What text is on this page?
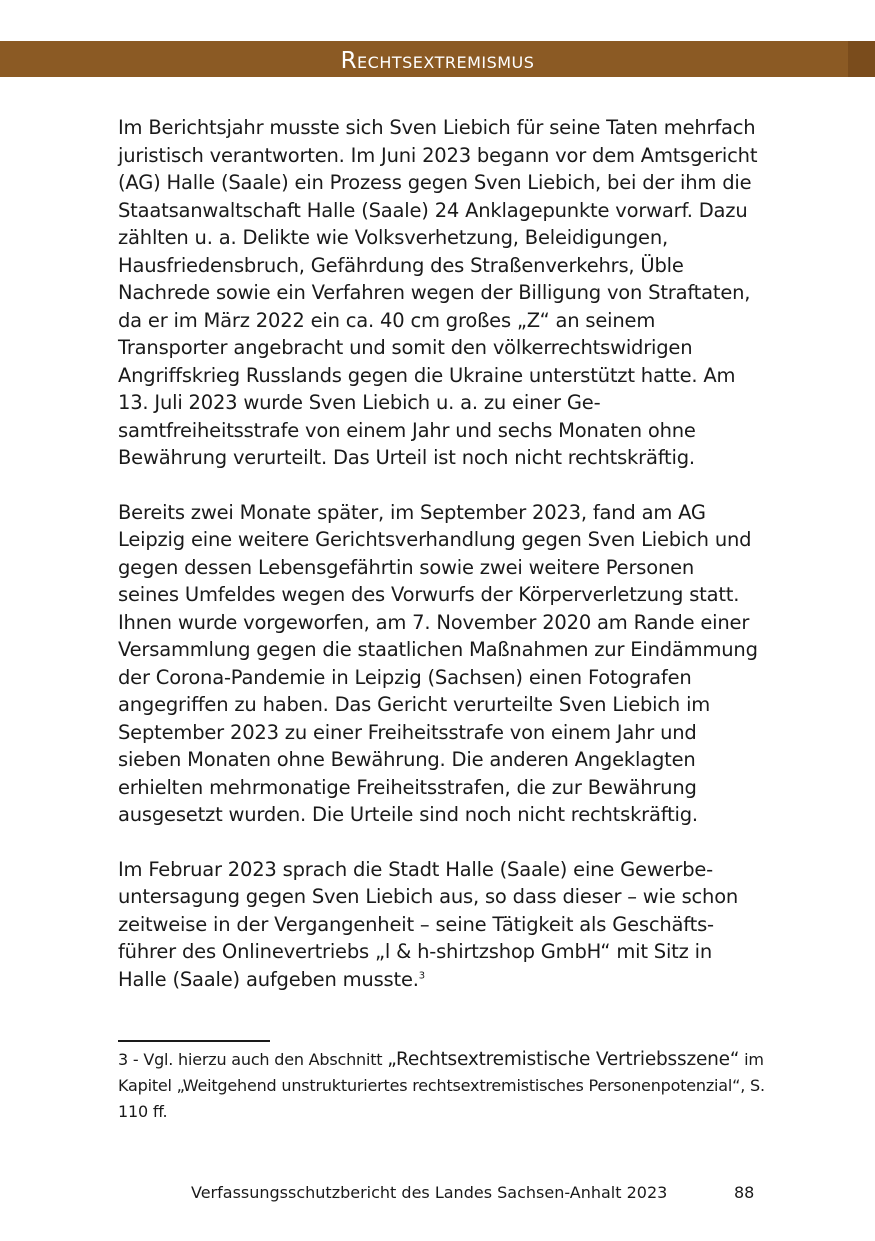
Rechtsextremismus

Im Berichtsjahr musste sich Sven Liebich für seine Taten mehrfach juristisch verantworten. Im Juni 2023 begann vor dem Amtsgericht (AG) Halle (Saale) ein Prozess gegen Sven Liebich, bei der ihm die Staatsanwaltschaft Halle (Saale) 24 Anklagepunkte vorwarf. Dazu zählten u. a. Delikte wie Volksverhetzung, Beleidigungen, Hausfriedensbruch, Gefährdung des Straßenverkehrs, Üble Nachrede sowie ein Verfahren wegen der Billigung von Straftaten, da er im März 2022 ein ca. 40 cm großes „Z“ an seinem Transporter angebracht und somit den völkerrechtswidrigen Angriffskrieg Russlands gegen die Ukraine unterstützt hatte. Am 13. Juli 2023 wurde Sven Liebich u. a. zu einer Gesamtfreiheitsstrafe von einem Jahr und sechs Monaten ohne Bewährung verurteilt. Das Urteil ist noch nicht rechtskräftig.

Bereits zwei Monate später, im September 2023, fand am AG Leipzig eine weitere Gerichtsverhandlung gegen Sven Liebich und gegen dessen Lebensgefährtin sowie zwei weitere Personen seines Umfeldes wegen des Vorwurfs der Körperverletzung statt. Ihnen wurde vorgeworfen, am 7. November 2020 am Rande einer Versammlung gegen die staatlichen Maßnahmen zur Eindämmung der Corona-Pandemie in Leipzig (Sachsen) einen Fotografen angegriffen zu haben. Das Gericht verurteilte Sven Liebich im September 2023 zu einer Freiheitsstrafe von einem Jahr und sieben Monaten ohne Bewährung. Die anderen Angeklagten erhielten mehrmonatige Freiheitsstrafen, die zur Bewährung ausgesetzt wurden. Die Urteile sind noch nicht rechtskräftig.

Im Februar 2023 sprach die Stadt Halle (Saale) eine Gewerbeuntersagung gegen Sven Liebich aus, so dass dieser – wie schon zeitweise in der Vergangenheit – seine Tätigkeit als Geschäftsführer des Onlinevertriebs „l & h-shirtzshop GmbH“ mit Sitz in Halle (Saale) aufgeben musste.$^3$

3 - Vgl. hierzu auch den Abschnitt „Rechtsextremistische Vertriebsszene“ im Kapitel „Weitgehend unstrukturiertes rechtsextremistisches Personenpotenzial“, S. 110 ff.
Verfassungsschutzbericht des Landes Sachsen-Anhalt 2023	88
